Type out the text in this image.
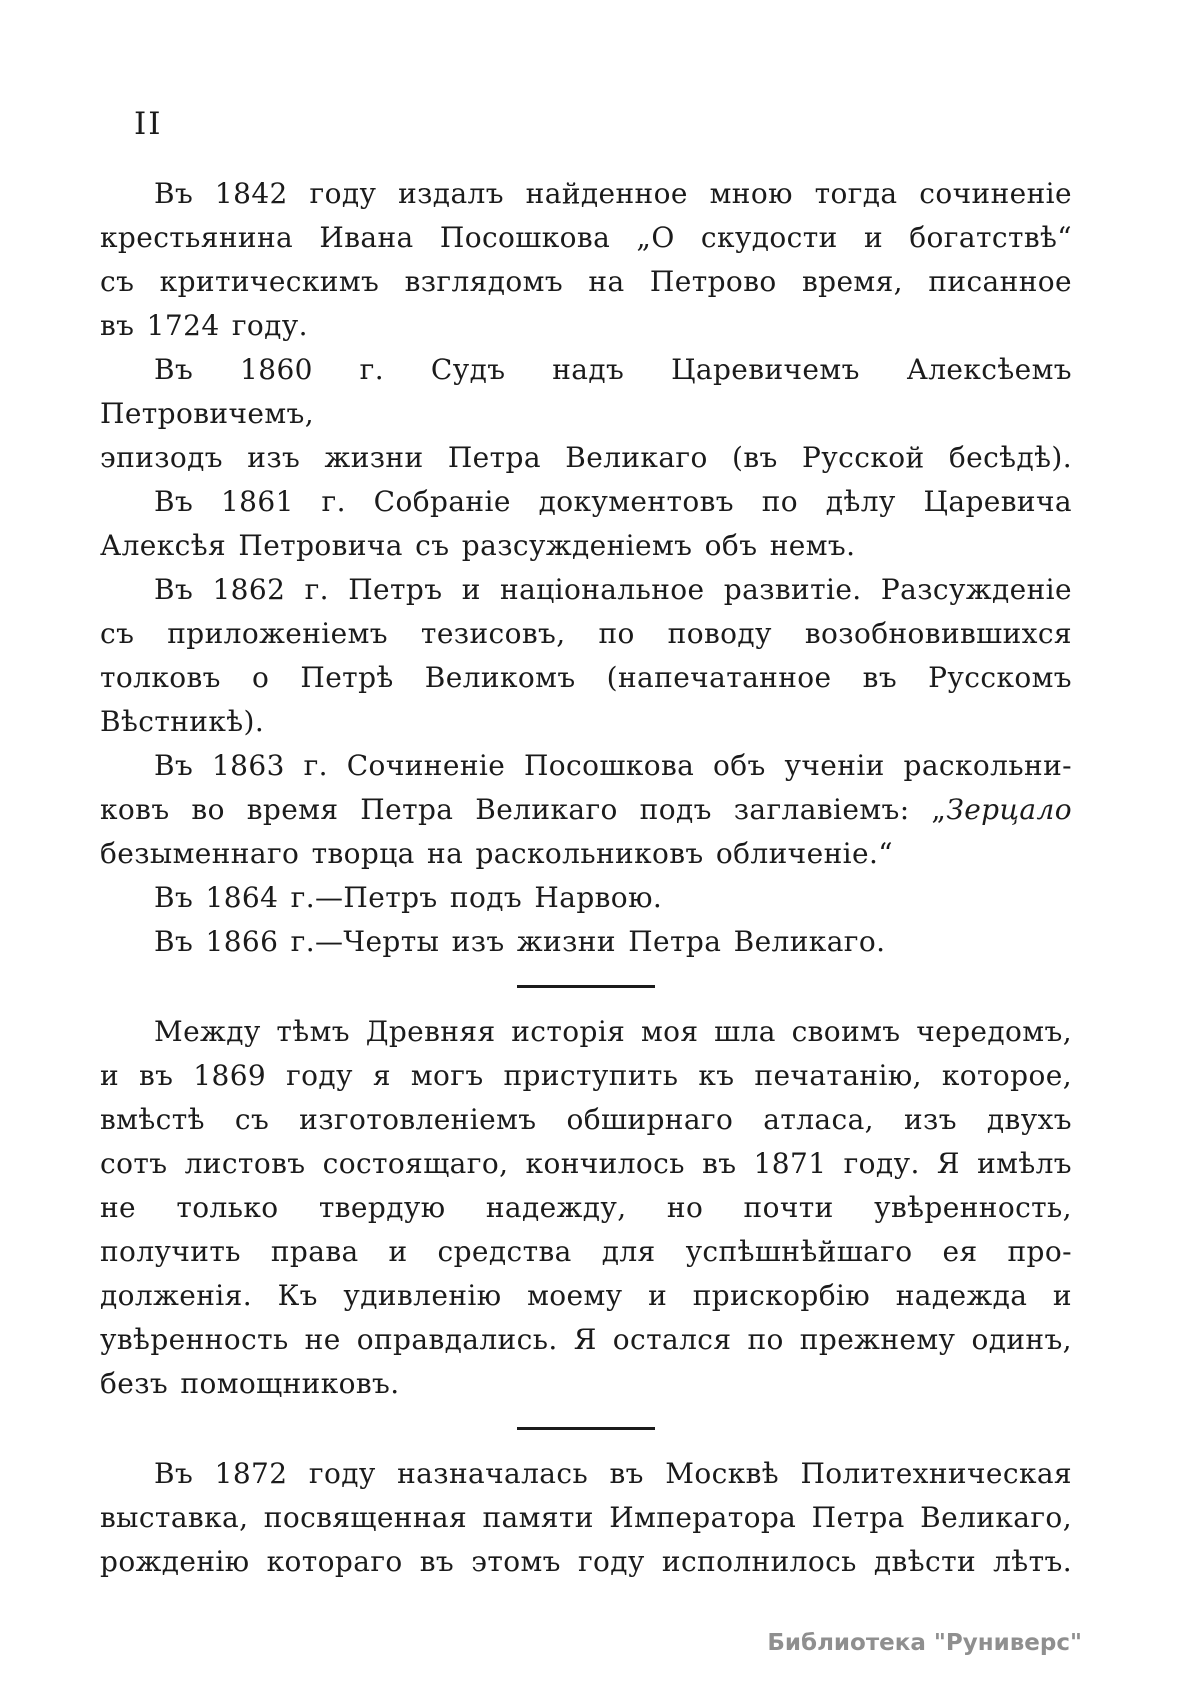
II

Въ 1842 году издалъ найденное мною тогда сочиненіе
крестьянина Ивана Посошкова „О скудости и богатствѣ“
съ критическимъ взглядомъ на Петрово время, писанное
въ 1724 году.

Въ 1860 г. Судъ надъ Царевичемъ Алексѣемъ Петровичемъ,
эпизодъ изъ жизни Петра Великаго (въ Русской бесѣдѣ).

Въ 1861 г. Собраніе документовъ по дѣлу Царевича
Алексѣя Петровича съ разсужденіемъ объ немъ.

Въ 1862 г. Петръ и національное развитіе. Разсужденіе
съ приложеніемъ тезисовъ, по поводу возобновившихся
толковъ о Петрѣ Великомъ (напечатанное въ Русскомъ
Вѣстникѣ).

Въ 1863 г. Сочиненіе Посошкова объ ученіи раскольни-
ковъ во время Петра Великаго подъ заглавіемъ: „Зерцало
безыменнаго творца на раскольниковъ обличеніе.“

Въ 1864 г.—Петръ подъ Нарвою.

Въ 1866 г.—Черты изъ жизни Петра Великаго.

Между тѣмъ Древняя исторія моя шла своимъ чередомъ,
и въ 1869 году я могъ приступить къ печатанію, которое,
вмѣстѣ съ изготовленіемъ обширнаго атласа, изъ двухъ
сотъ листовъ состоящаго, кончилось въ 1871 году. Я имѣлъ
не только твердую надежду, но почти увѣренность,
получить права и средства для успѣшнѣйшаго ея про-
долженія. Къ удивленію моему и прискорбію надежда и
увѣренность не оправдались. Я остался по прежнему одинъ,
безъ помощниковъ.

Въ 1872 году назначалась въ Москвѣ Политехническая
выставка, посвященная памяти Императора Петра Великаго,
рожденію котораго въ этомъ году исполнилось двѣсти лѣтъ.

Библиотека "Руниверс"
